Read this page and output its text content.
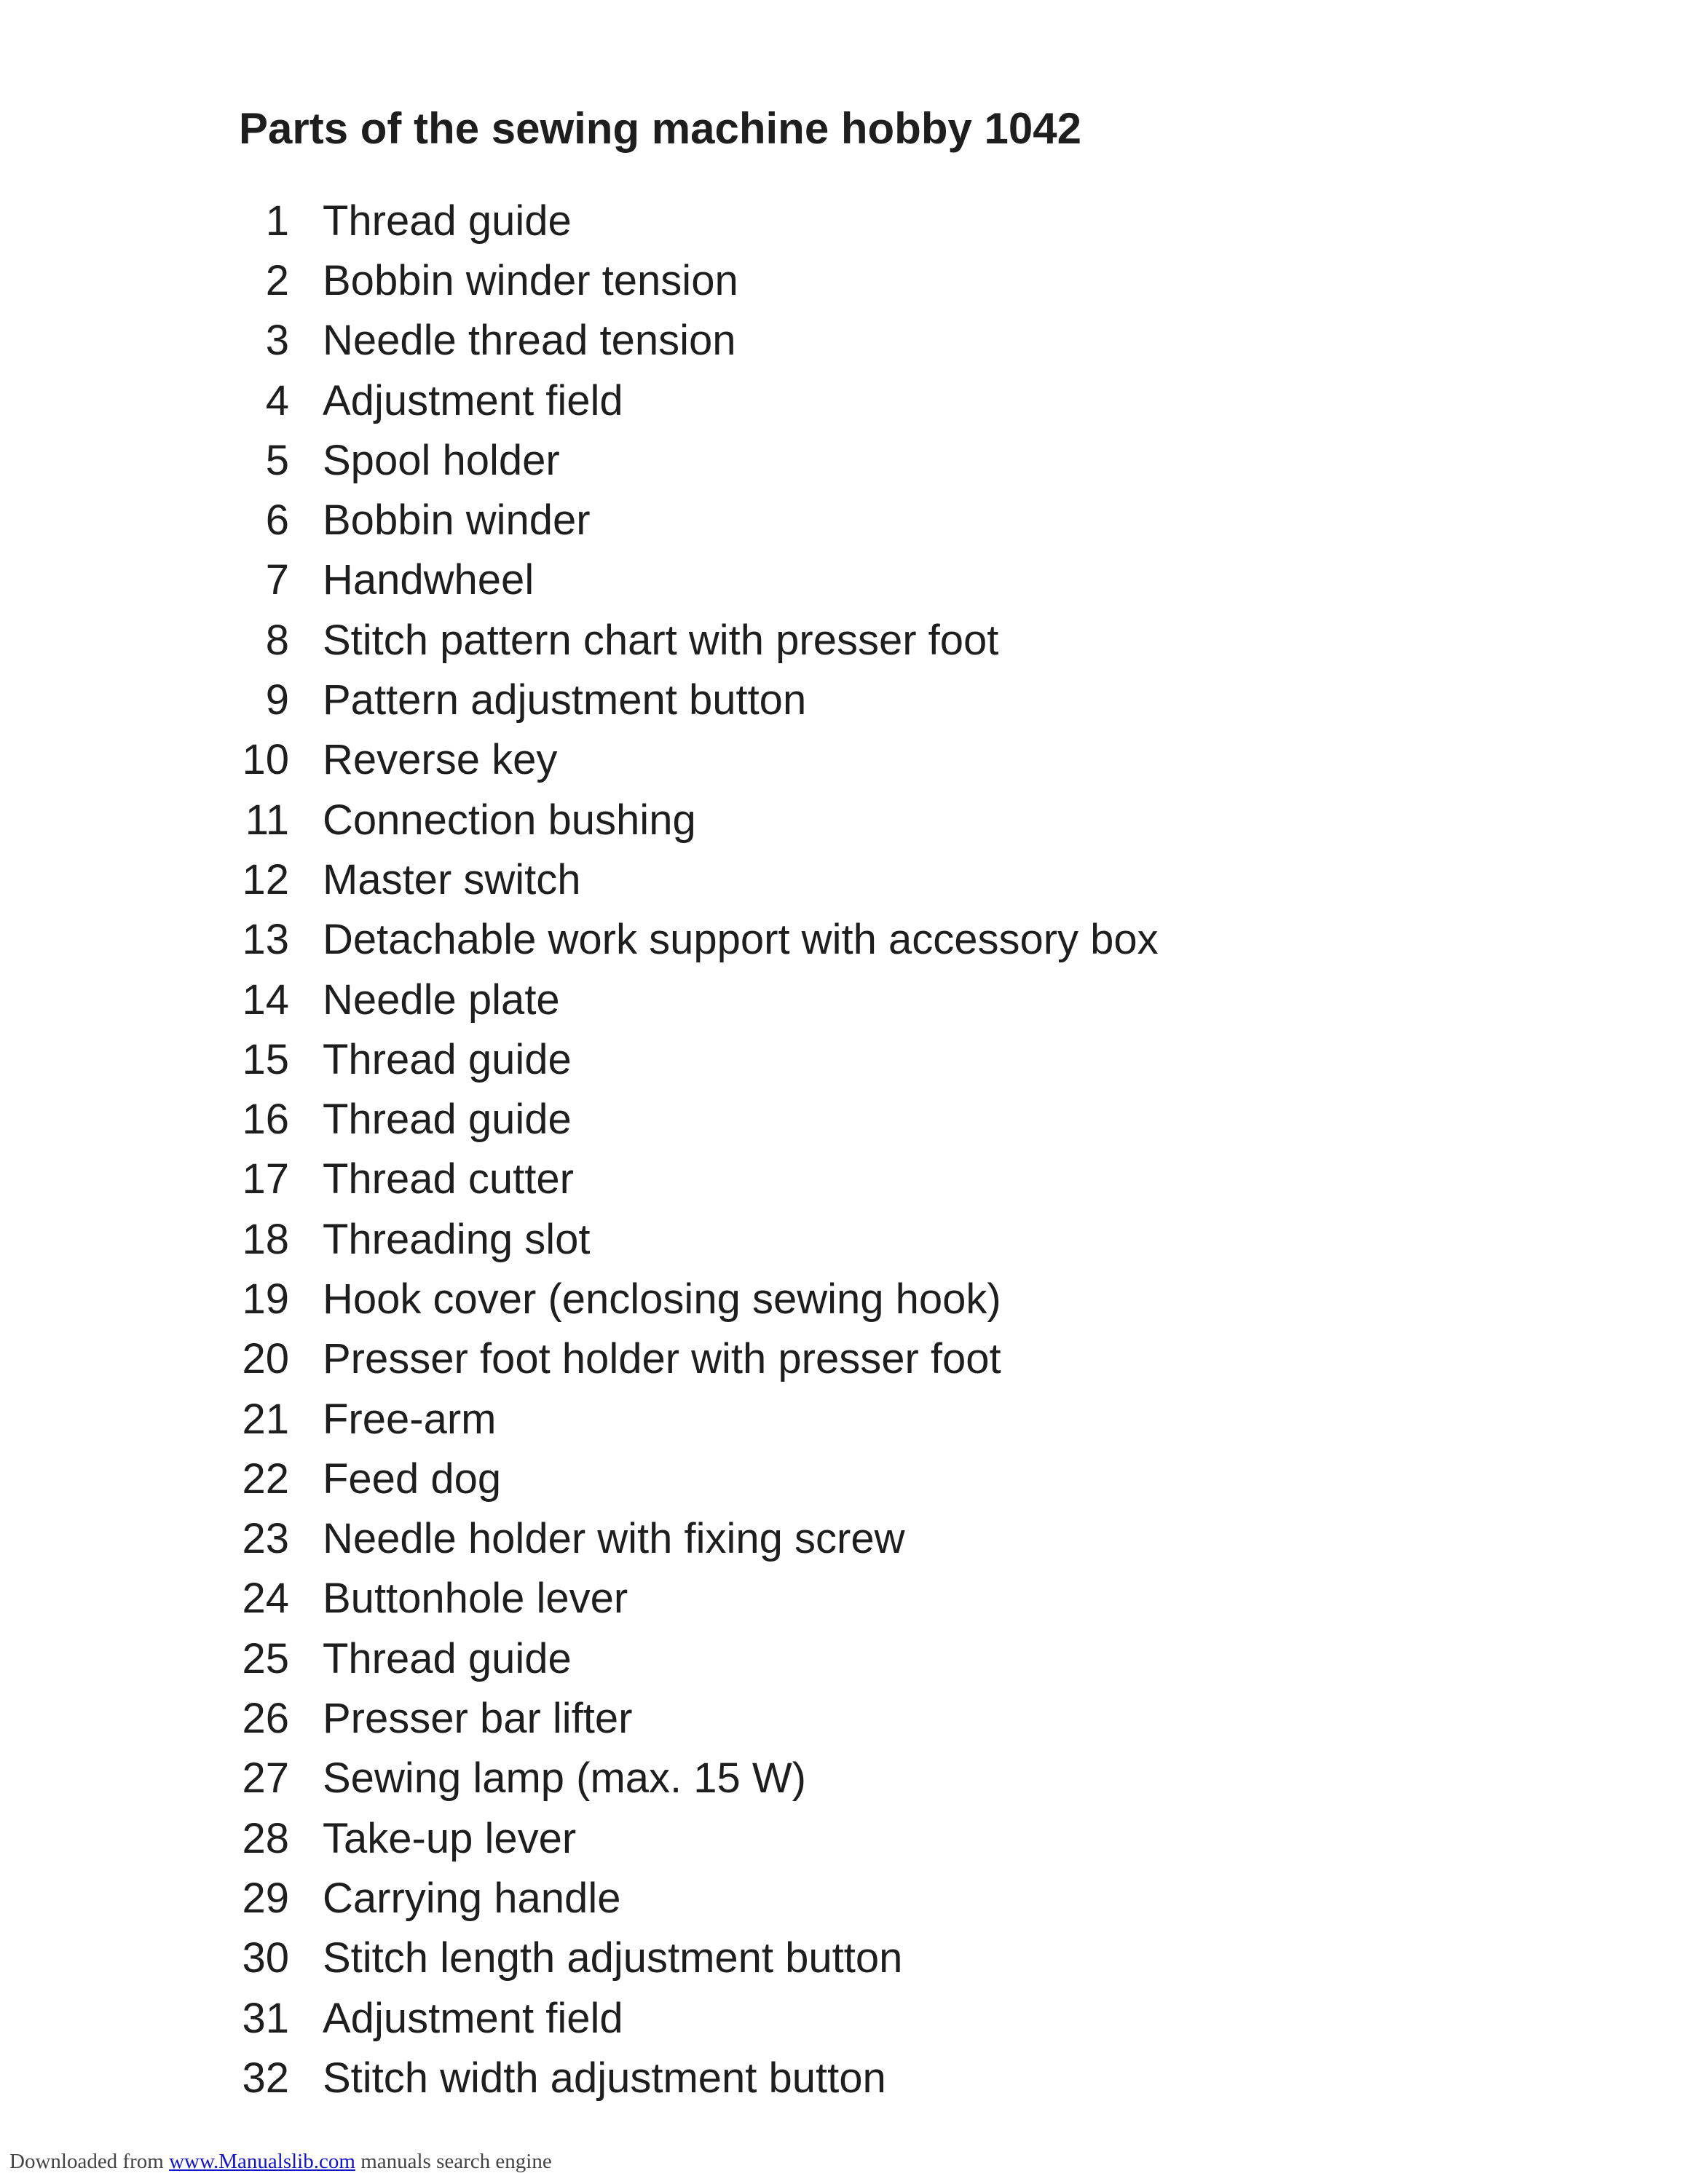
Parts of the sewing machine hobby 1042
1 Thread guide
2 Bobbin winder tension
3 Needle thread tension
4 Adjustment field
5 Spool holder
6 Bobbin winder
7 Handwheel
8 Stitch pattern chart with presser foot
9 Pattern adjustment button
10 Reverse key
11 Connection bushing
12 Master switch
13 Detachable work support with accessory box
14 Needle plate
15 Thread guide
16 Thread guide
17 Thread cutter
18 Threading slot
19 Hook cover (enclosing sewing hook)
20 Presser foot holder with presser foot
21 Free-arm
22 Feed dog
23 Needle holder with fixing screw
24 Buttonhole lever
25 Thread guide
26 Presser bar lifter
27 Sewing lamp (max. 15 W)
28 Take-up lever
29 Carrying handle
30 Stitch length adjustment button
31 Adjustment field
32 Stitch width adjustment button
Downloaded from www.Manualslib.com manuals search engine
